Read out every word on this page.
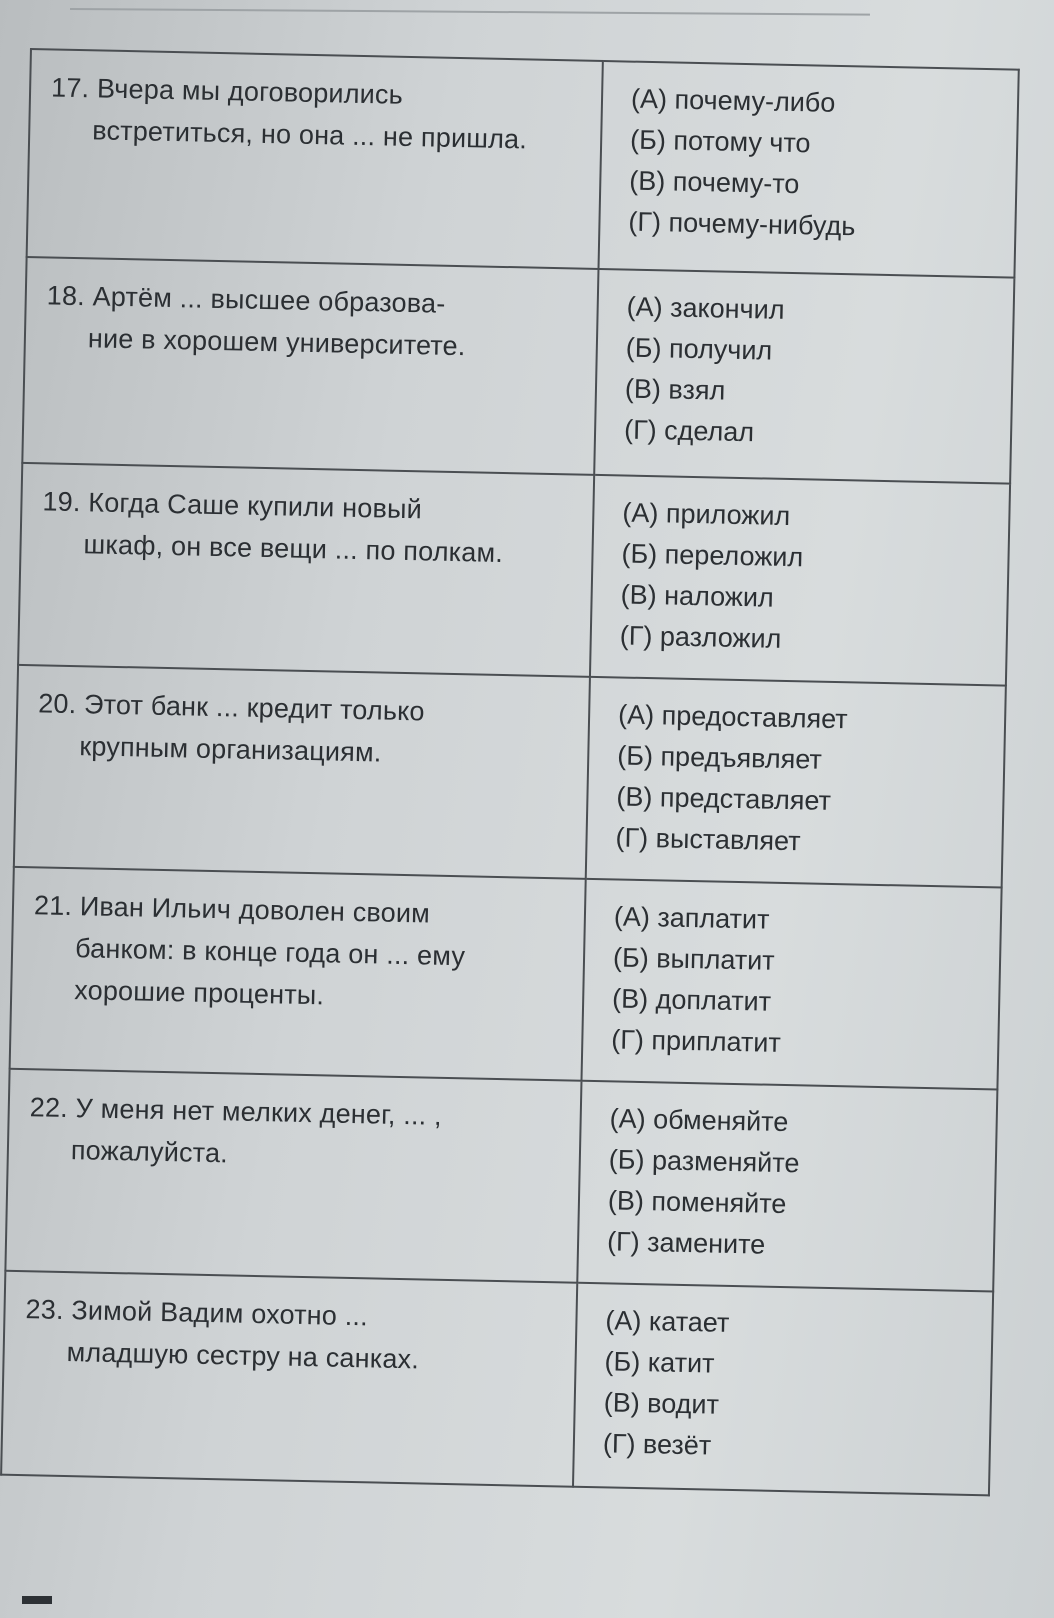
17. Вчера мы договорились
встретиться, но она ... не пришла.	(А) почему-либо
(Б) потому что
(В) почему-то
(Г) почему-нибудь

18. Артём ... высшее образова-
ние в хорошем университете.	(А) закончил
(Б) получил
(В) взял
(Г) сделал

19. Когда Саше купили новый
шкаф, он все вещи ... по полкам.	(А) приложил
(Б) переложил
(В) наложил
(Г) разложил

20. Этот банк ... кредит только
крупным организациям.	(А) предоставляет
(Б) предъявляет
(В) представляет
(Г) выставляет

21. Иван Ильич доволен своим
банком: в конце года он ... ему хорошие проценты.	(А) заплатит
(Б) выплатит
(В) доплатит
(Г) приплатит

22. У меня нет мелких денег, ... ,
пожалуйста.	(А) обменяйте
(Б) разменяйте
(В) поменяйте
(Г) замените

23. Зимой Вадим охотно ...
младшую сестру на санках.	(А) катает
(Б) катит
(В) водит
(Г) везёт
